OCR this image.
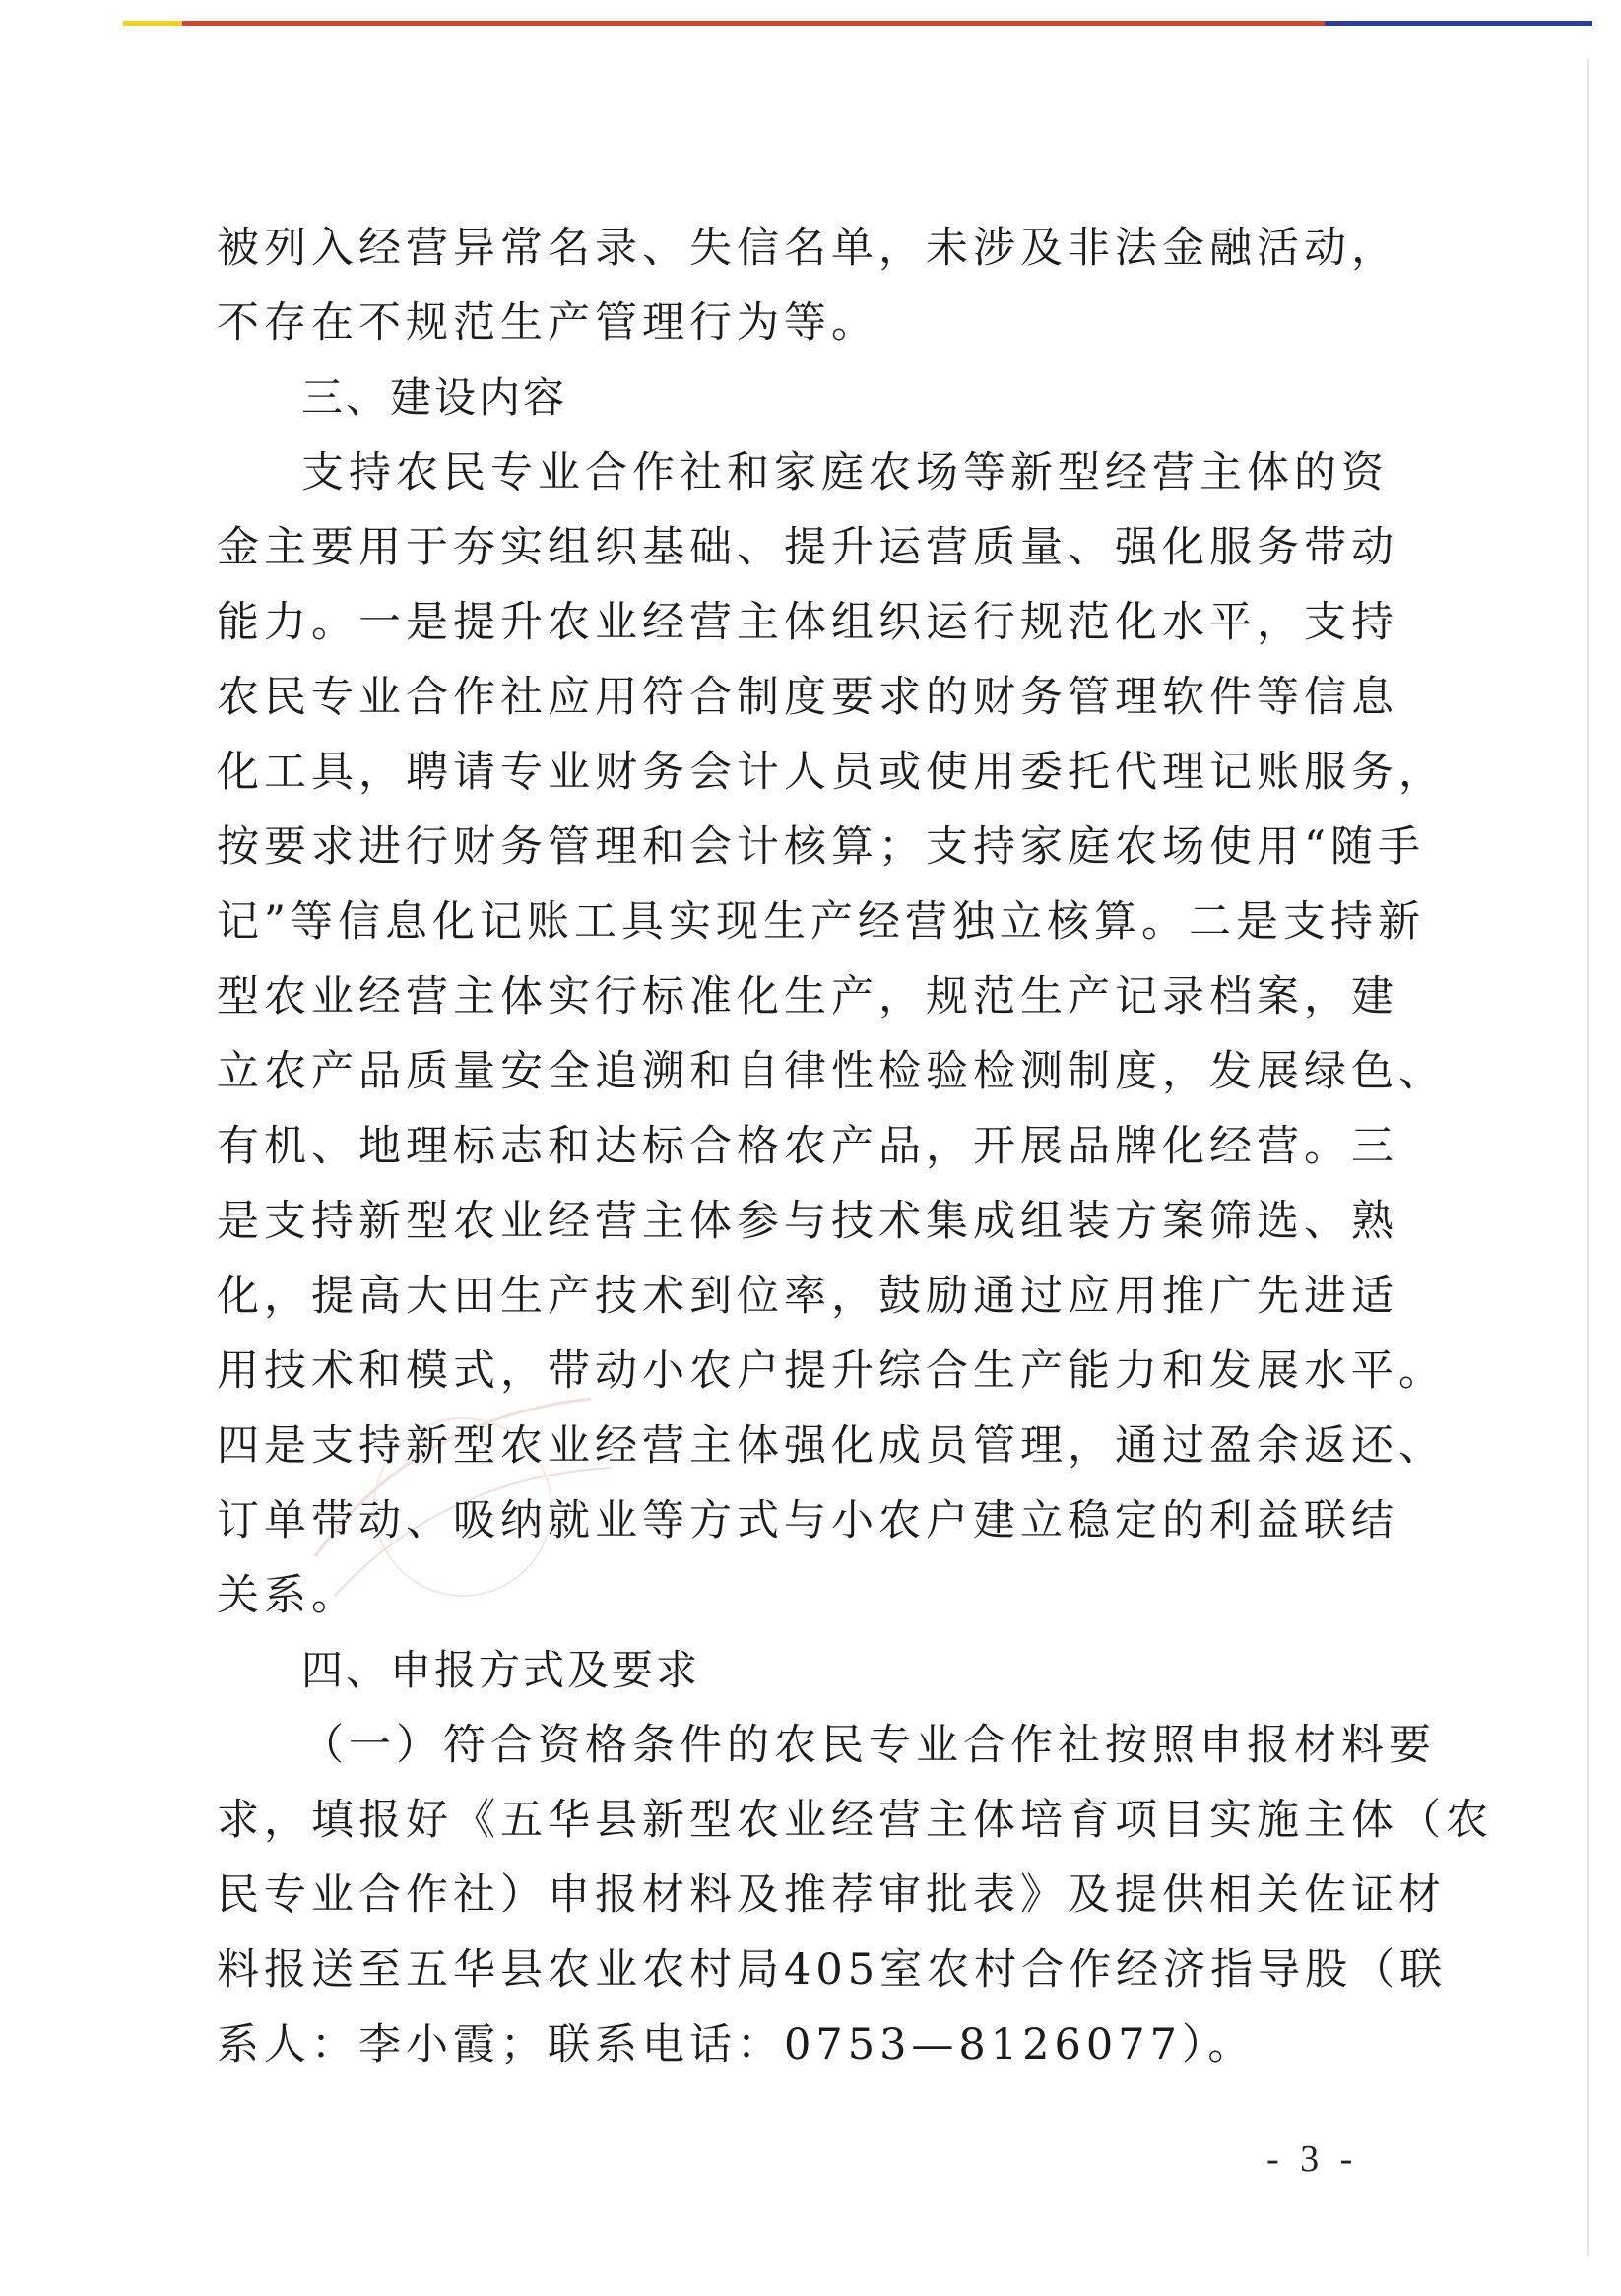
被列入经营异常名录、失信名单，未涉及非法金融活动，
不存在不规范生产管理行为等。
三、建设内容
支持农民专业合作社和家庭农场等新型经营主体的资
金主要用于夯实组织基础、提升运营质量、强化服务带动
能力。一是提升农业经营主体组织运行规范化水平，支持
农民专业合作社应用符合制度要求的财务管理软件等信息
化工具，聘请专业财务会计人员或使用委托代理记账服务，
按要求进行财务管理和会计核算；支持家庭农场使用“随手
记”等信息化记账工具实现生产经营独立核算。二是支持新
型农业经营主体实行标准化生产，规范生产记录档案，建
立农产品质量安全追溯和自律性检验检测制度，发展绿色、
有机、地理标志和达标合格农产品，开展品牌化经营。三
是支持新型农业经营主体参与技术集成组装方案筛选、熟
化，提高大田生产技术到位率，鼓励通过应用推广先进适
用技术和模式，带动小农户提升综合生产能力和发展水平。
四是支持新型农业经营主体强化成员管理，通过盈余返还、
订单带动、吸纳就业等方式与小农户建立稳定的利益联结
关系。
四、申报方式及要求
（一）符合资格条件的农民专业合作社按照申报材料要
求，填报好《五华县新型农业经营主体培育项目实施主体（农
民专业合作社）申报材料及推荐审批表》及提供相关佐证材
料报送至五华县农业农村局405室农村合作经济指导股（联
系人：李小霞；联系电话：0753—8126077）。
- 3 -
